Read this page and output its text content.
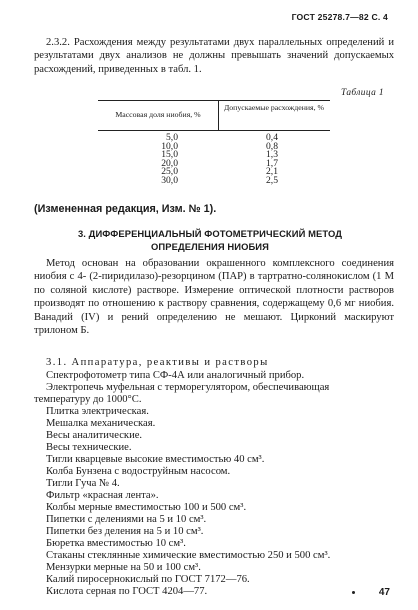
ГОСТ 25278.7—82 С. 4
2.3.2. Расхождения между результатами двух параллельных определений и результатами двух анализов не должны превышать значений допускаемых расхождений, приведенных в табл. 1.
Таблица 1
Массовая доля ниобия, %
Допускаемые расхождения, %
5,0
10,0
15,0
20,0
25,0
30,0
0,4
0,8
1,3
1,7
2,1
2,5
(Измененная редакция, Изм. № 1).
3. ДИФФЕРЕНЦИАЛЬНЫЙ ФОТОМЕТРИЧЕСКИЙ МЕТОД
ОПРЕДЕЛЕНИЯ НИОБИЯ
Метод основан на образовании окрашенного комплексного соединения ниобия с 4- (2-пиридилазо)-резорцином (ПАР) в тартратно-солянокислом (1 М по соляной кислоте) растворе. Измерение оптической плотности растворов производят по отношению к раствору сравнения, содержащему 0,6 мг ниобия. Ванадий (IV) и рений определению не мешают. Цирконий маскируют трилоном Б.
3.1. Аппаратура, реактивы и растворы
Спектрофотометр типа СФ-4А или аналогичный прибор.
Электропечь муфельная с терморегулятором, обеспечивающая
температуру до 1000°С.
Плитка электрическая.
Мешалка механическая.
Весы аналитические.
Весы технические.
Тигли кварцевые высокие вместимостью 40 см³.
Колба Бунзена с водоструйным насосом.
Тигли Гуча № 4.
Фильтр «красная лента».
Колбы мерные вместимостью 100 и 500 см³.
Пипетки с делениями на 5 и 10 см³.
Пипетки без деления на 5 и 10 см³.
Бюретка вместимостью 10 см³.
Стаканы стеклянные химические вместимостью 250 и 500 см³.
Мензурки мерные на 50 и 100 см³.
Калий пиросернокислый по ГОСТ 7172—76.
Кислота серная по ГОСТ 4204—77.	47
